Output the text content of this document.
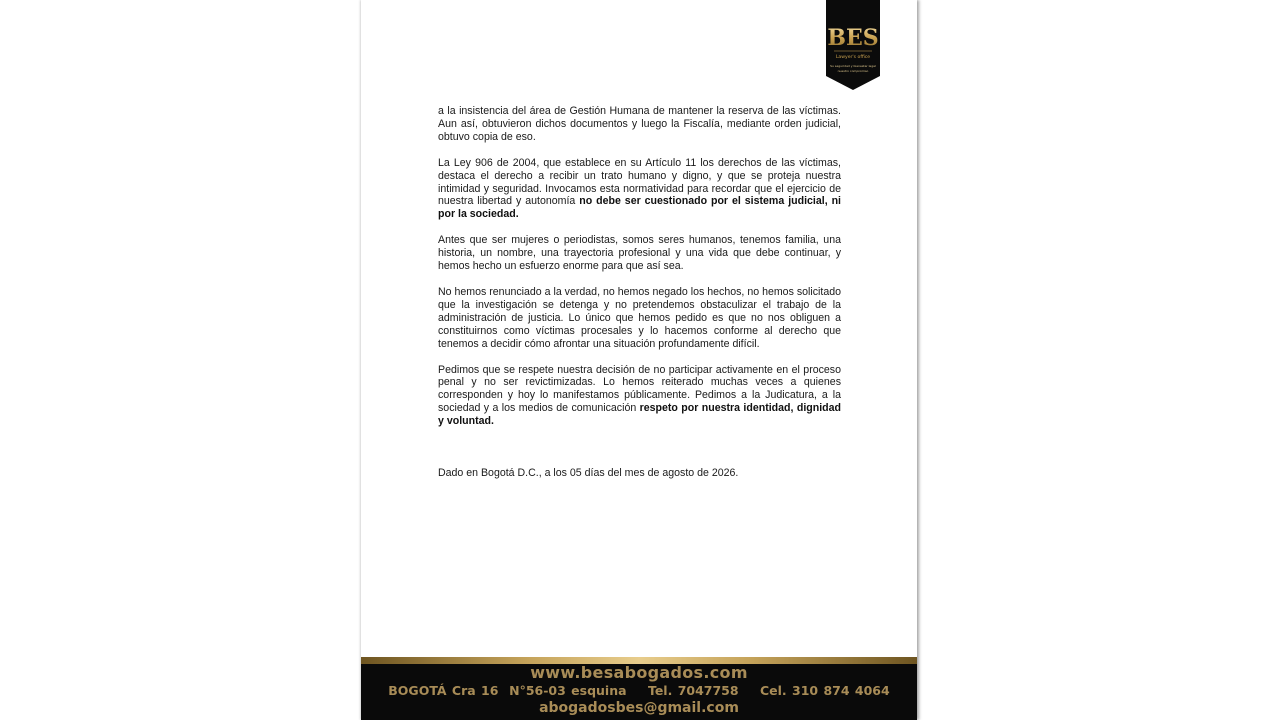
BES
Lawyer's office
Su seguridad y bienestar legal
nuestro compromiso

a la insistencia del área de Gestión Humana de mantener la reserva de las víctimas. Aun así, obtuvieron dichos documentos y luego la Fiscalía, mediante orden judicial, obtuvo copia de eso.

La Ley 906 de 2004, que establece en su Artículo 11 los derechos de las víctimas, destaca el derecho a recibir un trato humano y digno, y que se proteja nuestra intimidad y seguridad. Invocamos esta normatividad para recordar que el ejercicio de nuestra libertad y autonomía no debe ser cuestionado por el sistema judicial, ni por la sociedad.

Antes que ser mujeres o periodistas, somos seres humanos, tenemos familia, una historia, un nombre, una trayectoria profesional y una vida que debe continuar, y hemos hecho un esfuerzo enorme para que así sea.

No hemos renunciado a la verdad, no hemos negado los hechos, no hemos solicitado que la investigación se detenga y no pretendemos obstaculizar el trabajo de la administración de justicia. Lo único que hemos pedido es que no nos obliguen a constituirnos como víctimas procesales y lo hacemos conforme al derecho que tenemos a decidir cómo afrontar una situación profundamente difícil.

Pedimos que se respete nuestra decisión de no participar activamente en el proceso penal y no ser revictimizadas. Lo hemos reiterado muchas veces a quienes corresponden y hoy lo manifestamos públicamente. Pedimos a la Judicatura, a la sociedad y a los medios de comunicación respeto por nuestra identidad, dignidad y voluntad.

Dado en Bogotá D.C., a los 05 días del mes de agosto de 2026.

www.besabogados.com
BOGOTÁ Cra 16  N°56-03 esquina    Tel. 7047758    Cel. 310 874 4064
abogadosbes@gmail.com
